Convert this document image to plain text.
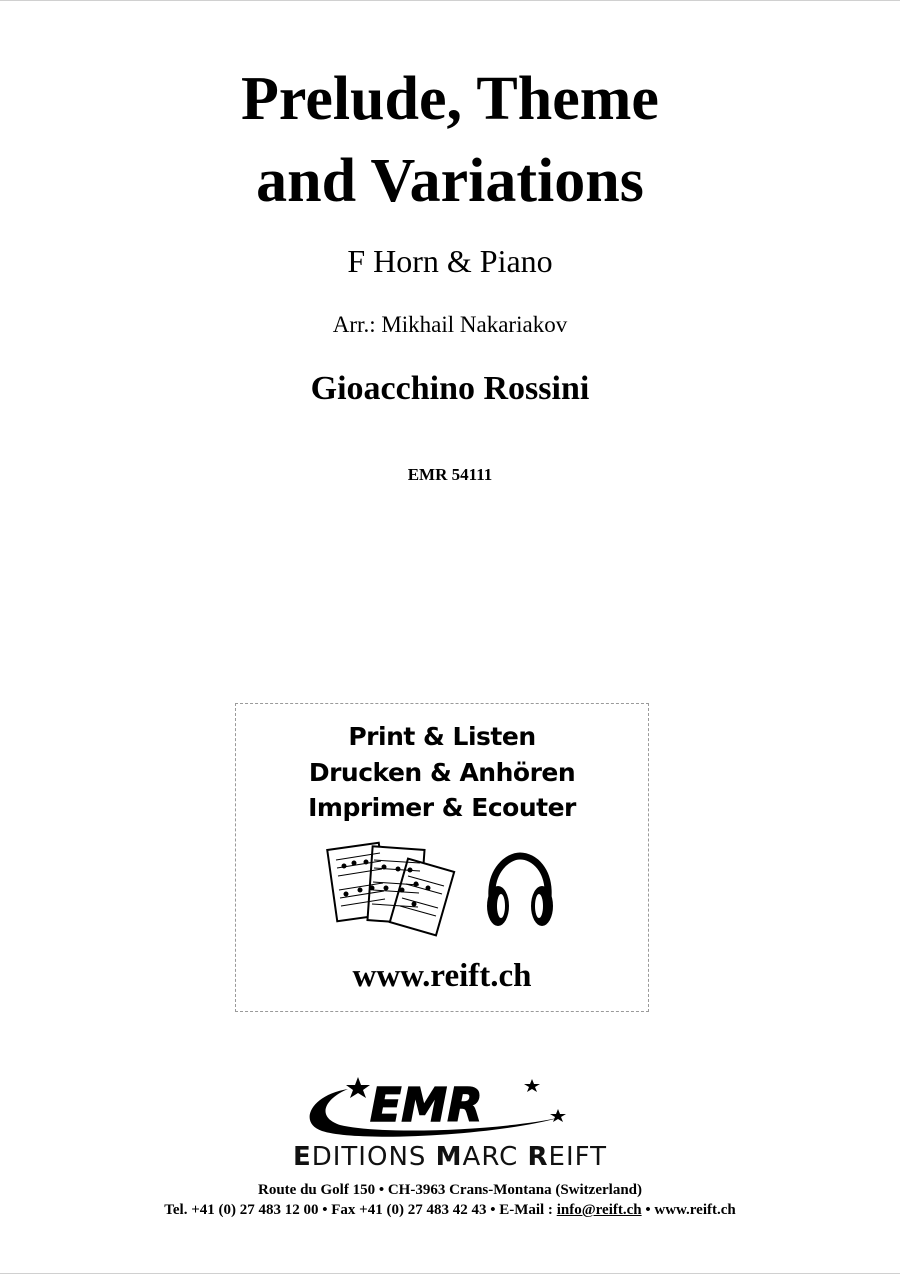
Prelude, Theme
and Variations
F Horn & Piano
Arr.: Mikhail Nakariakov
Gioacchino Rossini
EMR 54111
Print & Listen
Drucken & Anhören
Imprimer & Ecouter
www.reift.ch
EMR
EDITIONS MARC REIFT
Route du Golf 150 • CH-3963 Crans-Montana (Switzerland)
Tel. +41 (0) 27 483 12 00 • Fax +41 (0) 27 483 42 43 • E-Mail : info@reift.ch • www.reift.ch
